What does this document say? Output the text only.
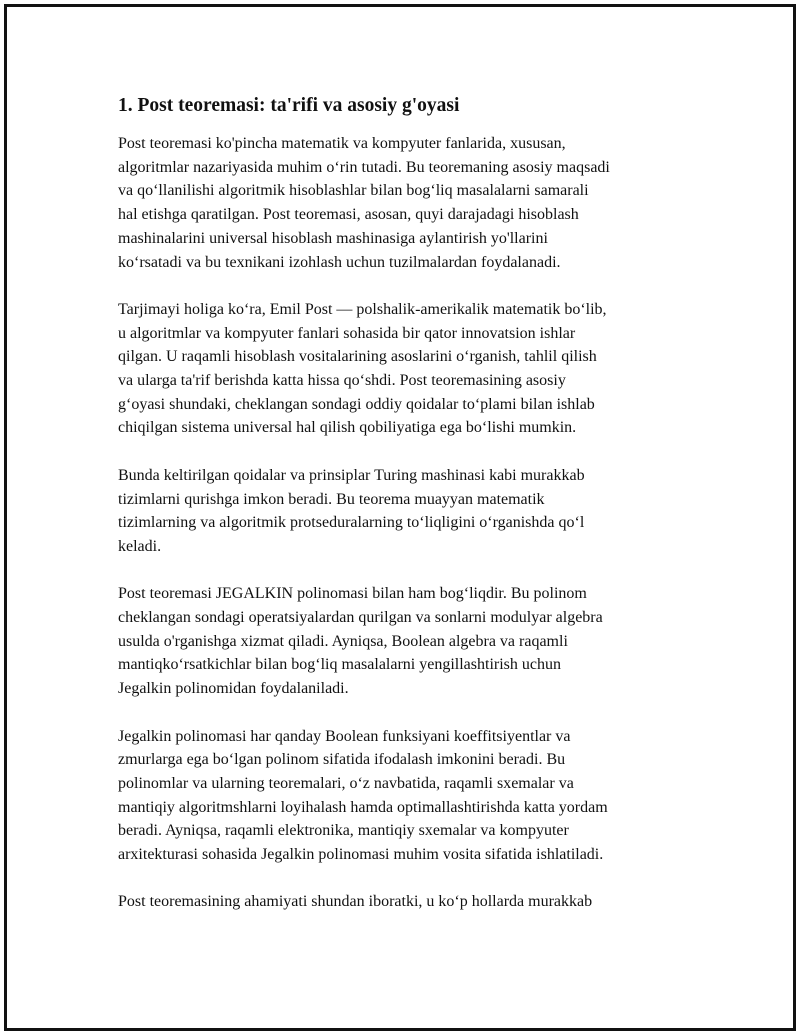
1. Post teoremasi: ta'rifi va asosiy g'oyasi
Post teoremasi ko'pincha matematik va kompyuter fanlarida, xususan,
algoritmlar nazariyasida muhim o‘rin tutadi. Bu teoremaning asosiy maqsadi
va qo‘llanilishi algoritmik hisoblashlar bilan bog‘liq masalalarni samarali
hal etishga qaratilgan. Post teoremasi, asosan, quyi darajadagi hisoblash
mashinalarini universal hisoblash mashinasiga aylantirish yo'llarini
ko‘rsatadi va bu texnikani izohlash uchun tuzilmalardan foydalanadi.
Tarjimayi holiga ko‘ra, Emil Post — polshalik-amerikalik matematik bo‘lib,
u algoritmlar va kompyuter fanlari sohasida bir qator innovatsion ishlar
qilgan. U raqamli hisoblash vositalarining asoslarini o‘rganish, tahlil qilish
va ularga ta'rif berishda katta hissa qo‘shdi. Post teoremasining asosiy
g‘oyasi shundaki, cheklangan sondagi oddiy qoidalar to‘plami bilan ishlab
chiqilgan sistema universal hal qilish qobiliyatiga ega bo‘lishi mumkin.
Bunda keltirilgan qoidalar va prinsiplar Turing mashinasi kabi murakkab
tizimlarni qurishga imkon beradi. Bu teorema muayyan matematik
tizimlarning va algoritmik protseduralarning to‘liqligini o‘rganishda qo‘l
keladi.
Post teoremasi JEGALKIN polinomasi bilan ham bog‘liqdir. Bu polinom
cheklangan sondagi operatsiyalardan qurilgan va sonlarni modulyar algebra
usulda o'rganishga xizmat qiladi. Ayniqsa, Boolean algebra va raqamli
mantiqko‘rsatkichlar bilan bog‘liq masalalarni yengillashtirish uchun
Jegalkin polinomidan foydalaniladi.
Jegalkin polinomasi har qanday Boolean funksiyani koeffitsiyentlar va
zmurlarga ega bo‘lgan polinom sifatida ifodalash imkonini beradi. Bu
polinomlar va ularning teoremalari, o‘z navbatida, raqamli sxemalar va
mantiqiy algoritmshlarni loyihalash hamda optimallashtirishda katta yordam
beradi. Ayniqsa, raqamli elektronika, mantiqiy sxemalar va kompyuter
arxitekturasi sohasida Jegalkin polinomasi muhim vosita sifatida ishlatiladi.
Post teoremasining ahamiyati shundan iboratki, u ko‘p hollarda murakkab
